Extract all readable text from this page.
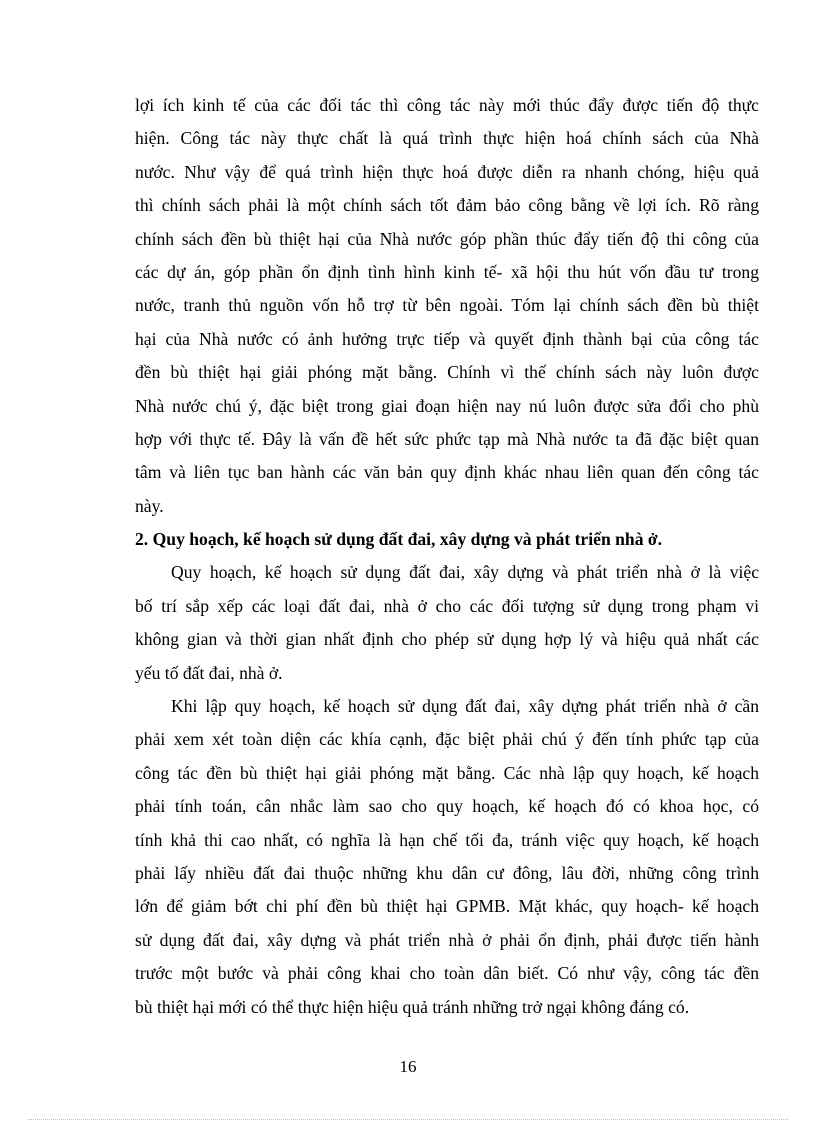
lợi ích kinh tế của các đối tác thì công tác này mới thúc đẩy được tiến độ thực
hiện. Công tác này thực chất là quá trình thực hiện hoá chính sách của Nhà
nước. Như vậy để quá trình hiện thực hoá được diễn ra nhanh chóng, hiệu quả
thì chính sách phải là một chính sách tốt đảm bảo công bằng về lợi ích. Rõ ràng
chính sách đền bù thiệt hại của Nhà nước góp phần thúc đẩy tiến độ thi công của
các dự án, góp phần ổn định tình hình kinh tế- xã hội thu hút vốn đầu tư trong
nước, tranh thủ nguồn vốn hỗ trợ từ bên ngoài. Tóm lại chính sách đền bù thiệt
hại của Nhà nước có ảnh hưởng trực tiếp và quyết định thành bại của công tác
đền bù thiệt hại giải phóng mặt bằng. Chính vì thế chính sách này luôn được
Nhà nước chú ý, đặc biệt trong giai đoạn hiện nay nú luôn được sửa đổi cho phù
hợp với thực tế. Đây là vấn đề hết sức phức tạp mà Nhà nước ta đã đặc biệt quan
tâm và liên tục ban hành các văn bản quy định khác nhau liên quan đến công tác
này.
2. Quy hoạch, kế hoạch sử dụng đất đai, xây dựng và phát triển nhà ở.
Quy hoạch, kế hoạch sử dụng đất đai, xây dựng và phát triển nhà ở là việc
bố trí sắp xếp các loại đất đai, nhà ở cho các đối tượng sử dụng trong phạm vi
không gian và thời gian nhất định cho phép sử dụng hợp lý và hiệu quả nhất các
yếu tố đất đai, nhà ở.
Khi lập quy hoạch, kế hoạch sử dụng đất đai, xây dựng phát triển nhà ở cần
phải xem xét toàn diện các khía cạnh, đặc biệt phải chú ý đến tính phức tạp của
công tác đền bù thiệt hại giải phóng mặt bằng. Các nhà lập quy hoạch, kế hoạch
phải tính toán, cân nhắc làm sao cho quy hoạch, kế hoạch đó có khoa học, có
tính khả thi cao nhất, có nghĩa là hạn chế tối đa, tránh việc quy hoạch, kế hoạch
phải lấy nhiều đất đai thuộc những khu dân cư đông, lâu đời, những công trình
lớn để giảm bớt chi phí đền bù thiệt hại GPMB. Mặt khác, quy hoạch- kế hoạch
sử dụng đất đai, xây dựng và phát triển nhà ở phải ổn định, phải được tiến hành
trước một bước và phải công khai cho toàn dân biết. Có như vậy, công tác đền
bù thiệt hại mới có thể thực hiện hiệu quả tránh những trở ngại không đáng có.
16
